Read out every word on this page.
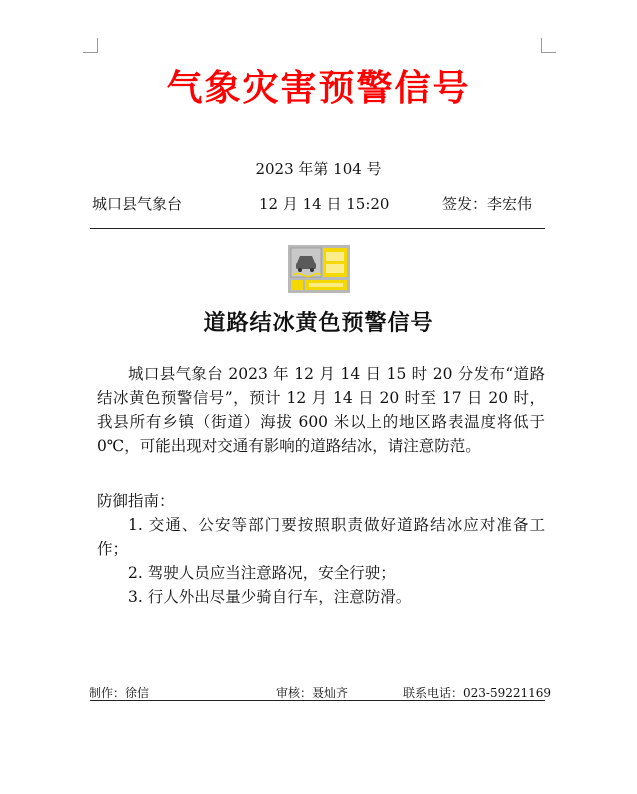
气象灾害预警信号
2023 年第 104 号
城口县气象台	12 月 14 日 15:20	签发：李宏伟
道路结冰黄色预警信号

城口县气象台 2023 年 12 月 14 日 15 时 20 分发布“道路结冰黄色预警信号”，预计 12 月 14 日 20 时至 17 日 20 时，我县所有乡镇（街道）海拔 600 米以上的地区路表温度将低于 0℃，可能出现对交通有影响的道路结冰，请注意防范。

防御指南：
1. 交通、公安等部门要按照职责做好道路结冰应对准备工作；
2. 驾驶人员应当注意路况，安全行驶；
3. 行人外出尽量少骑自行车，注意防滑。
制作：徐信	审核：聂灿齐	联系电话：023-59221169
